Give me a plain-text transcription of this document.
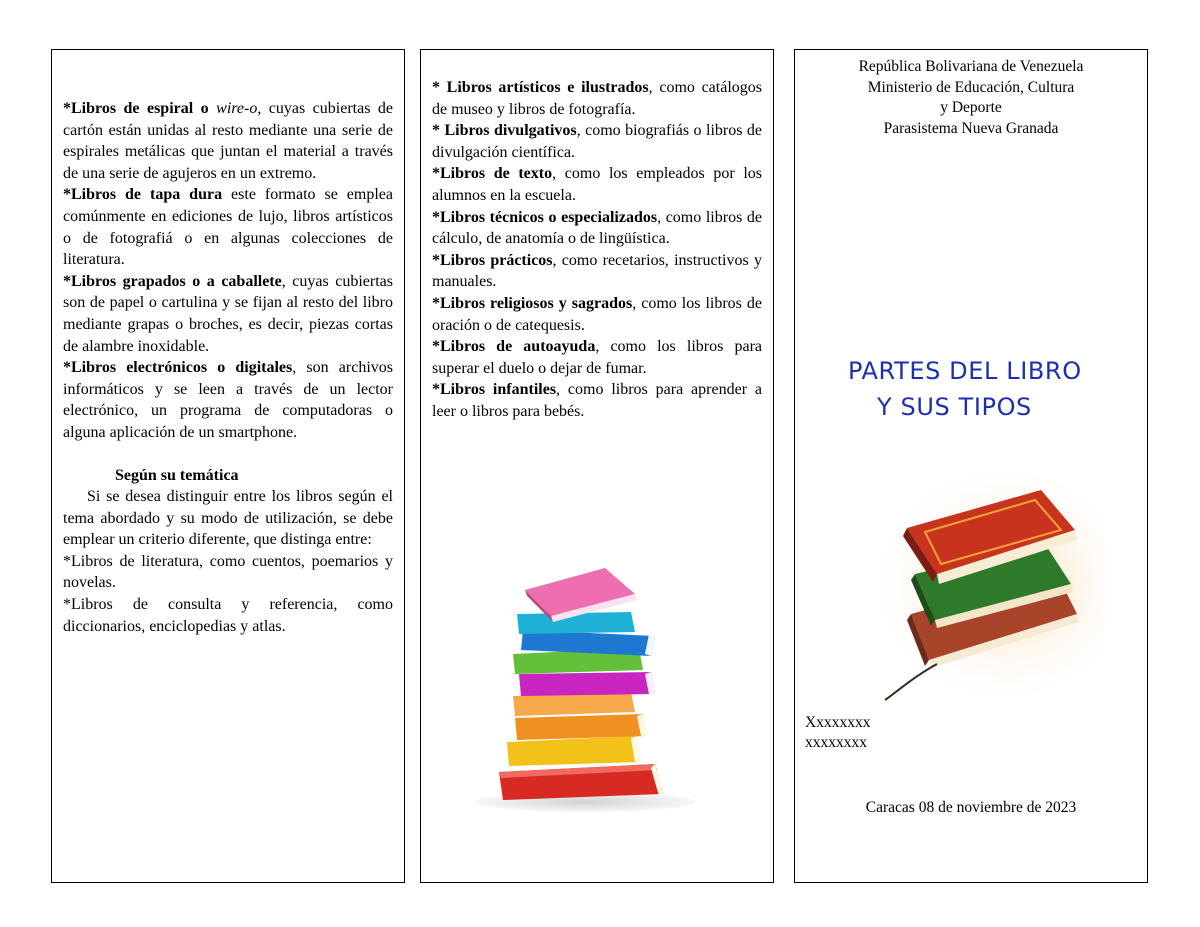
*Libros de espiral o wire-o, cuyas cubiertas de cartón están unidas al resto mediante una serie de espirales metálicas que juntan el material a través de una serie de agujeros en un extremo.

*Libros de tapa dura este formato se emplea comúnmente en ediciones de lujo, libros artísticos o de fotografiá o en algunas colecciones de literatura.

*Libros grapados o a caballete, cuyas cubiertas son de papel o cartulina y se fijan al resto del libro mediante grapas o broches, es decir, piezas cortas de alambre inoxidable.

*Libros electrónicos o digitales, son archivos informáticos y se leen a través de un lector electrónico, un programa de computadoras o alguna aplicación de un smartphone.

Según su temática

Si se desea distinguir entre los libros según el tema abordado y su modo de utilización, se debe emplear un criterio diferente, que distinga entre:

*Libros de literatura, como cuentos, poemarios y novelas.

*Libros de consulta y referencia, como diccionarios, enciclopedias y atlas.

* Libros artísticos e ilustrados, como catálogos de museo y libros de fotografía.

* Libros divulgativos, como biografiás o libros de divulgación científica.

*Libros de texto, como los empleados por los alumnos en la escuela.

*Libros técnicos o especializados, como libros de cálculo, de anatomía o de lingüística.

*Libros prácticos, como recetarios, instructivos y manuales.

*Libros religiosos y sagrados, como los libros de oración o de catequesis.

*Libros de autoayuda, como los libros para superar el duelo o dejar de fumar.

*Libros infantiles, como libros para aprender a leer o libros para bebés.

República Bolivariana de Venezuela
Ministerio de Educación, Cultura
y Deporte
Parasistema Nueva Granada
PARTES DEL LIBRO
Y SUS TIPOS
Xxxxxxxx
xxxxxxxx
Caracas 08 de noviembre de 2023
